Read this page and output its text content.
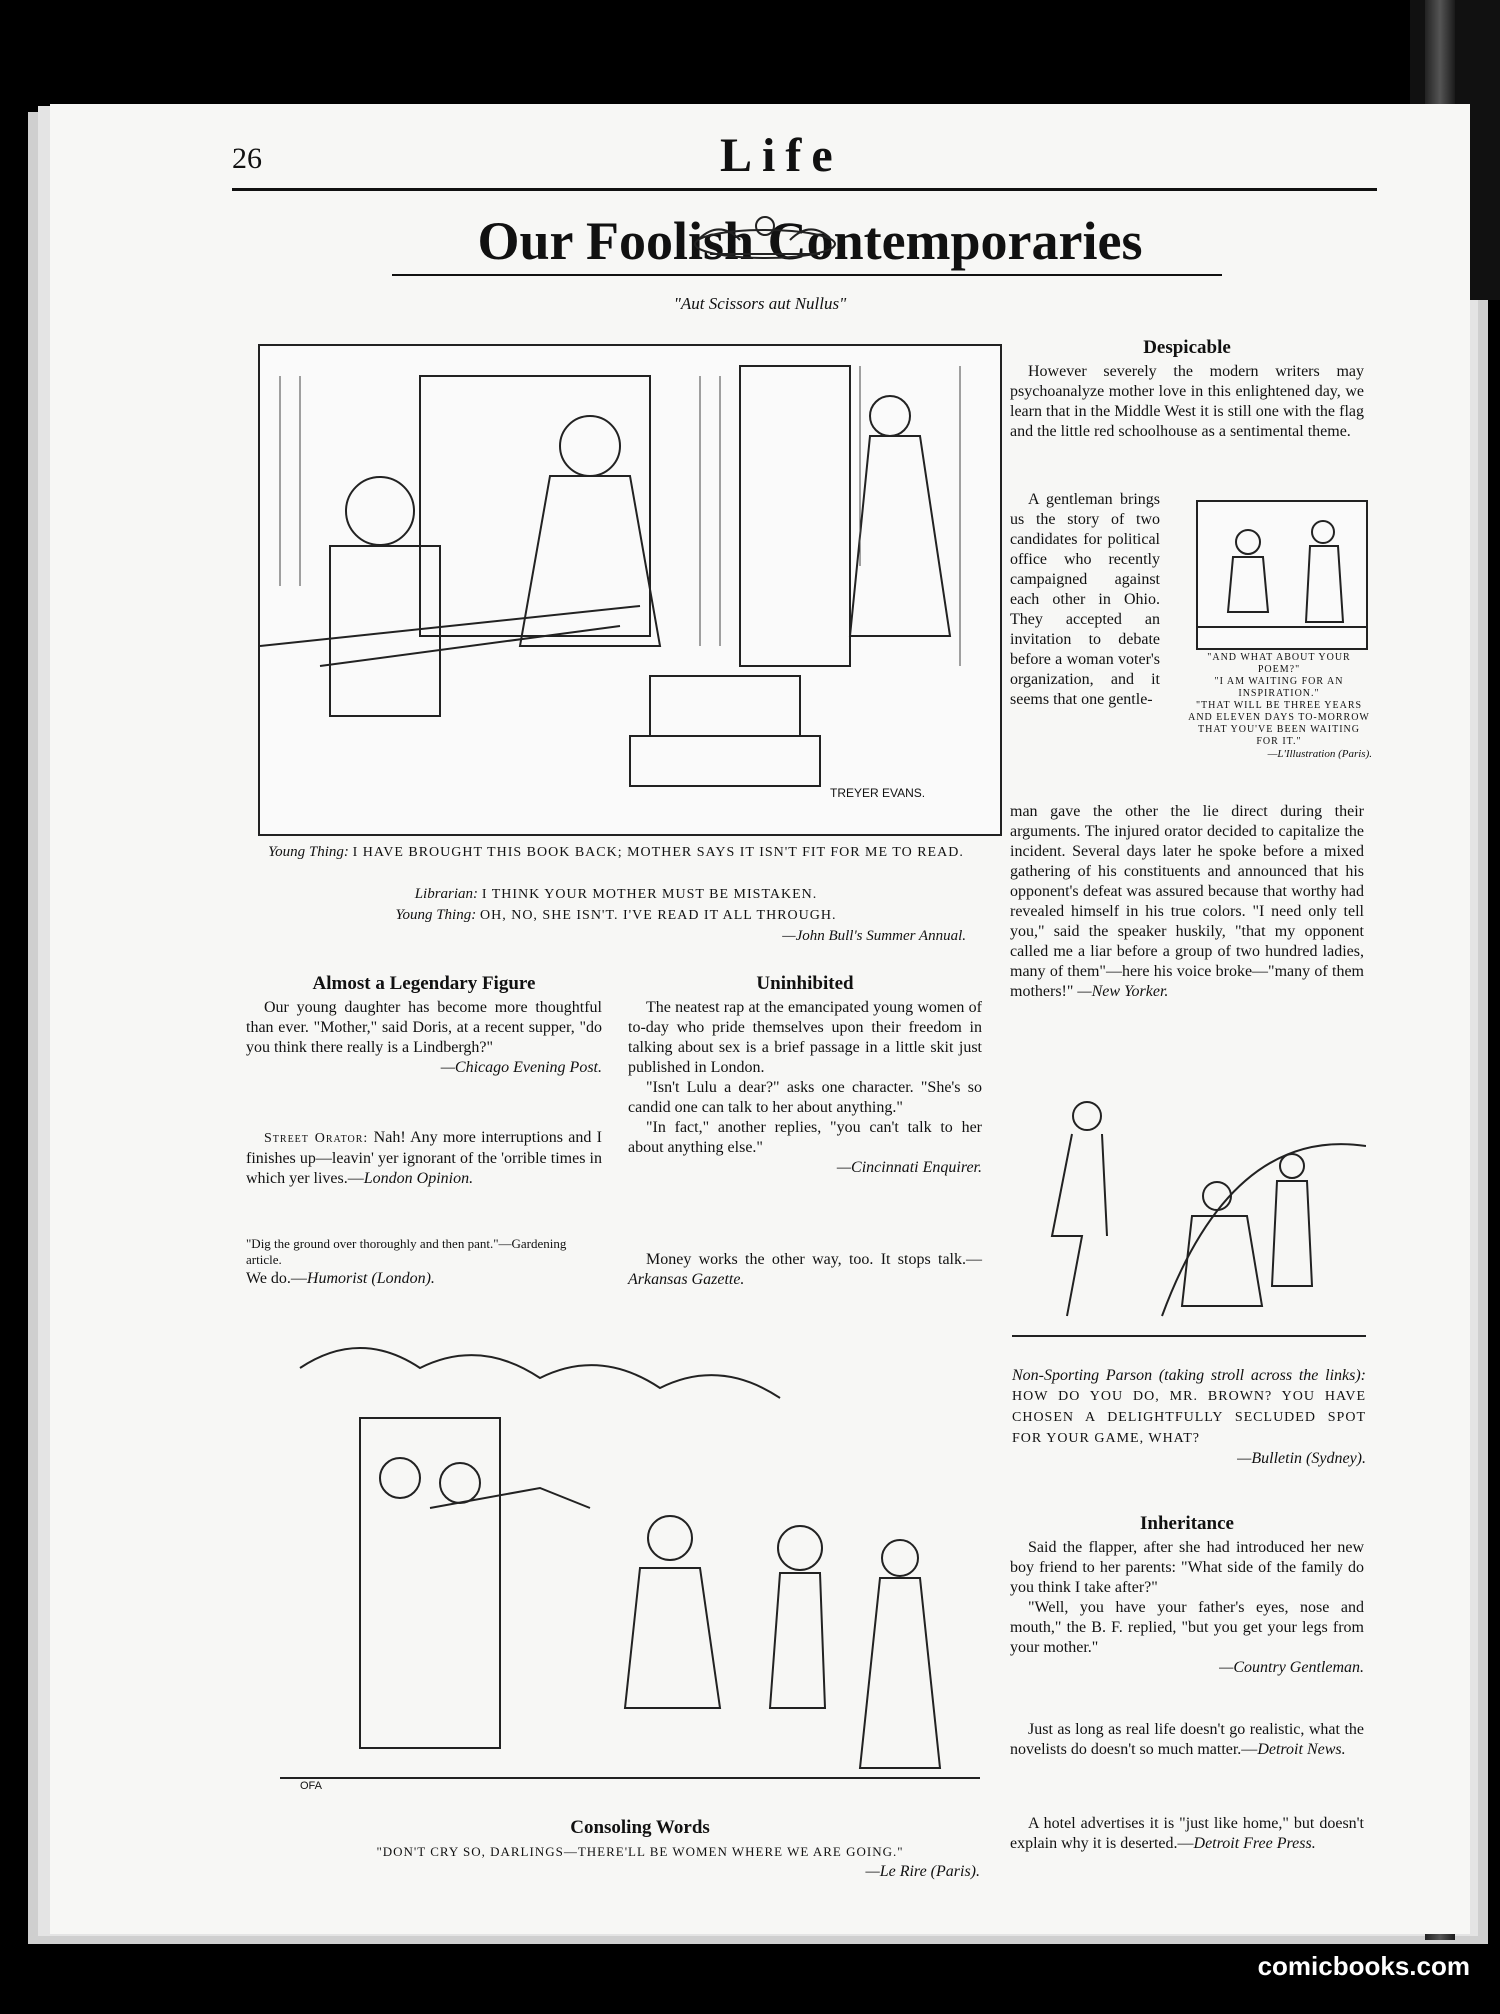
26	Life
Our Foolish Contemporaries
"Aut Scissors aut Nullus"
TREYER EVANS.
Young Thing: I HAVE BROUGHT THIS BOOK BACK; MOTHER SAYS IT ISN'T FIT FOR ME TO READ.
Librarian: I THINK YOUR MOTHER MUST BE MISTAKEN.
Young Thing: OH, NO, SHE ISN'T. I'VE READ IT ALL THROUGH.
—John Bull's Summer Annual.
Despicable

However severely the modern writers may psychoanalyze mother love in this enlightened day, we learn that in the Middle West it is still one with the flag and the little red schoolhouse as a sentimental theme.

A gentleman brings us the story of two candidates for political office who recently campaigned against each other in Ohio. They accepted an invitation to debate before a woman voter's organization, and it seems that one gentle-

"AND WHAT ABOUT YOUR POEM?"
"I AM WAITING FOR AN INSPIRATION."
"THAT WILL BE THREE YEARS AND ELEVEN DAYS TO-MORROW THAT YOU'VE BEEN WAITING FOR IT."
—L'Illustration (Paris).

man gave the other the lie direct during their arguments. The injured orator decided to capitalize the incident. Several days later he spoke before a mixed gathering of his constituents and announced that his opponent's defeat was assured because that worthy had revealed himself in his true colors. "I need only tell you," said the speaker huskily, "that my opponent called me a liar before a group of two hundred ladies, many of them"—here his voice broke—"many of them mothers!" —New Yorker.

Almost a Legendary Figure

Our young daughter has become more thoughtful than ever. "Mother," said Doris, at a recent supper, "do you think there really is a Lindbergh?"

—Chicago Evening Post.

Street Orator: Nah! Any more interruptions and I finishes up—leavin' yer ignorant of the 'orrible times in which yer lives.—London Opinion.

"Dig the ground over thoroughly and then pant."—Gardening article.
We do.—Humorist (London).
Uninhibited

The neatest rap at the emancipated young women of to-day who pride themselves upon their freedom in talking about sex is a brief passage in a little skit just published in London.

"Isn't Lulu a dear?" asks one character. "She's so candid one can talk to her about anything."

"In fact," another replies, "you can't talk to her about anything else."

—Cincinnati Enquirer.

Money works the other way, too. It stops talk.—Arkansas Gazette.

OFA
Consoling Words
"DON'T CRY SO, DARLINGS—THERE'LL BE WOMEN WHERE WE ARE GOING."
—Le Rire (Paris).

Non-Sporting Parson (taking stroll across the links): HOW DO YOU DO, MR. BROWN? YOU HAVE CHOSEN A DELIGHTFULLY SECLUDED SPOT FOR YOUR GAME, WHAT?

—Bulletin (Sydney).
Inheritance

Said the flapper, after she had introduced her new boy friend to her parents: "What side of the family do you think I take after?"

"Well, you have your father's eyes, nose and mouth," the B. F. replied, "but you get your legs from your mother."

—Country Gentleman.

Just as long as real life doesn't go realistic, what the novelists do doesn't so much matter.—Detroit News.

A hotel advertises it is "just like home," but doesn't explain why it is deserted.—Detroit Free Press.

comicbooks.com
